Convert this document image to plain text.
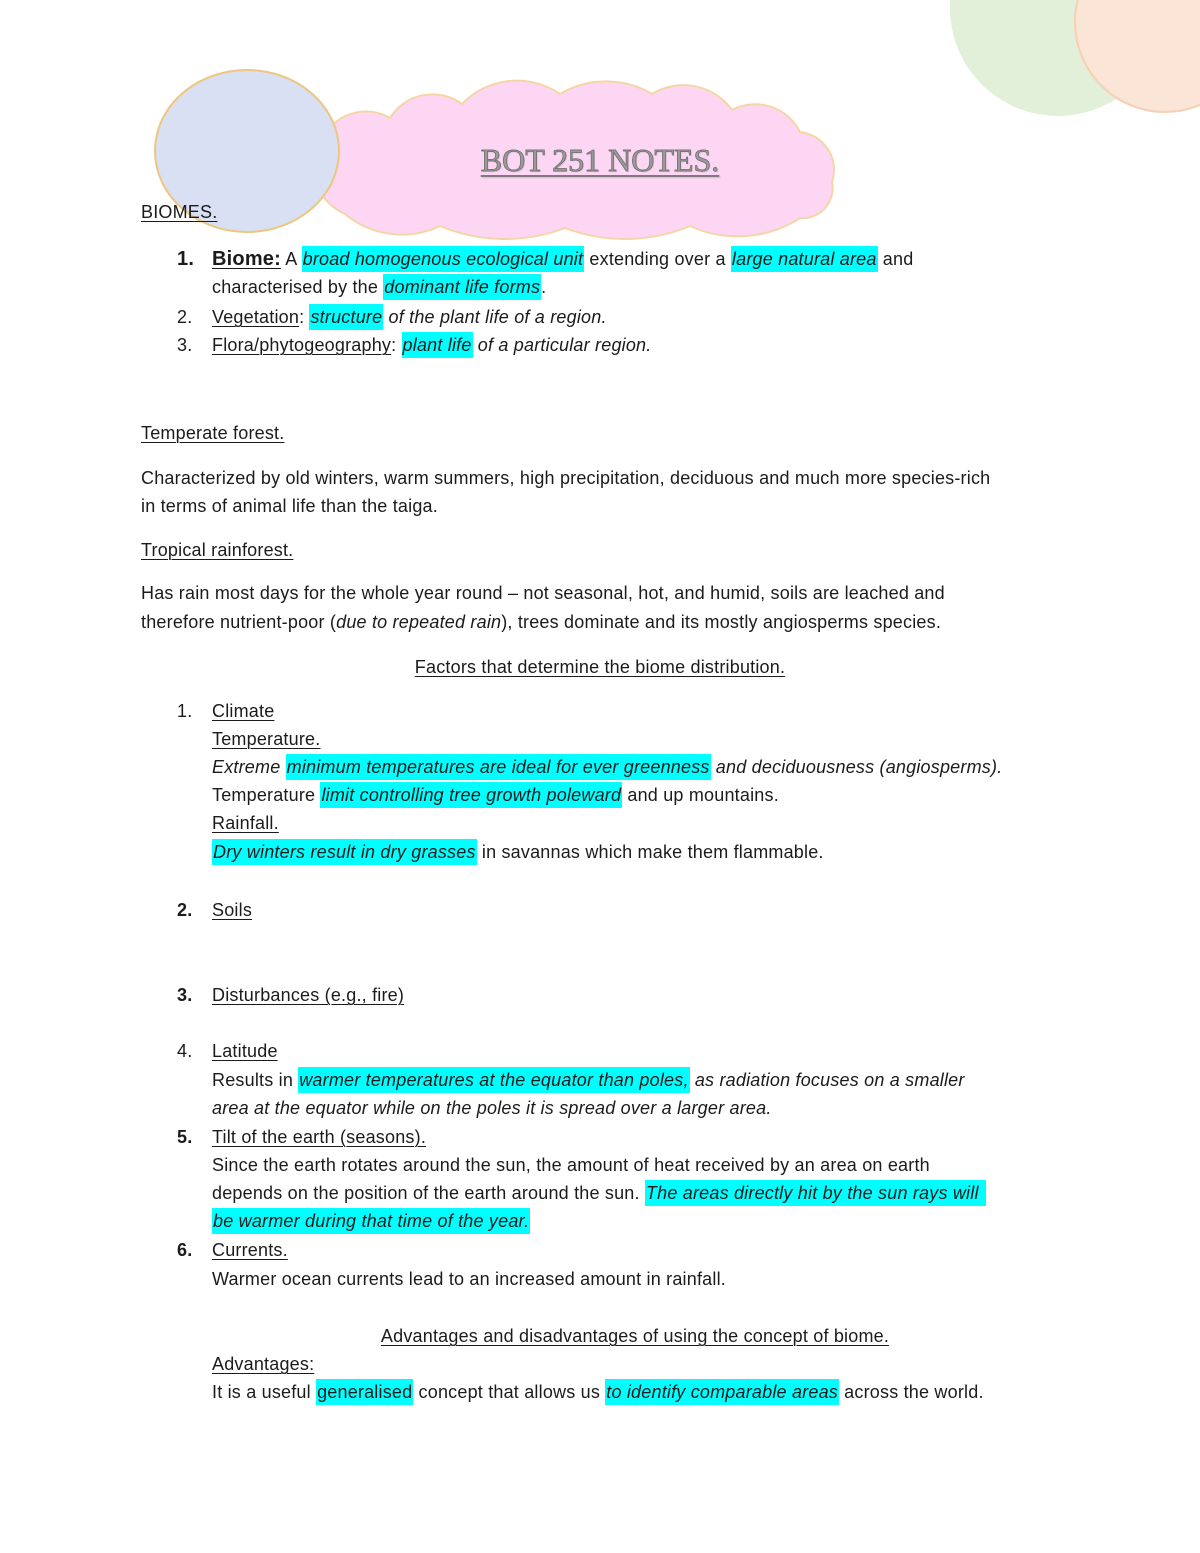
BOT 251 NOTES.
BIOMES.
1. Biome: A broad homogenous ecological unit extending over a large natural area and
characterised by the dominant life forms.
2. Vegetation: structure of the plant life of a region.
3. Flora/phytogeography: plant life of a particular region.
Temperate forest.
Characterized by old winters, warm summers, high precipitation, deciduous and much more species-rich
in terms of animal life than the taiga.
Tropical rainforest.
Has rain most days for the whole year round – not seasonal, hot, and humid, soils are leached and
therefore nutrient-poor (due to repeated rain), trees dominate and its mostly angiosperms species.
Factors that determine the biome distribution.
1. Climate
Temperature.
Extreme minimum temperatures are ideal for ever greenness and deciduousness (angiosperms).
Temperature limit controlling tree growth poleward and up mountains.
Rainfall.
Dry winters result in dry grasses in savannas which make them flammable.
2. Soils
3. Disturbances (e.g., fire)
4. Latitude
Results in warmer temperatures at the equator than poles, as radiation focuses on a smaller
area at the equator while on the poles it is spread over a larger area.
5. Tilt of the earth (seasons).
Since the earth rotates around the sun, the amount of heat received by an area on earth
depends on the position of the earth around the sun. The areas directly hit by the sun rays will
be warmer during that time of the year.
6. Currents.
Warmer ocean currents lead to an increased amount in rainfall.
Advantages and disadvantages of using the concept of biome.
Advantages:
It is a useful generalised concept that allows us to identify comparable areas across the world.
